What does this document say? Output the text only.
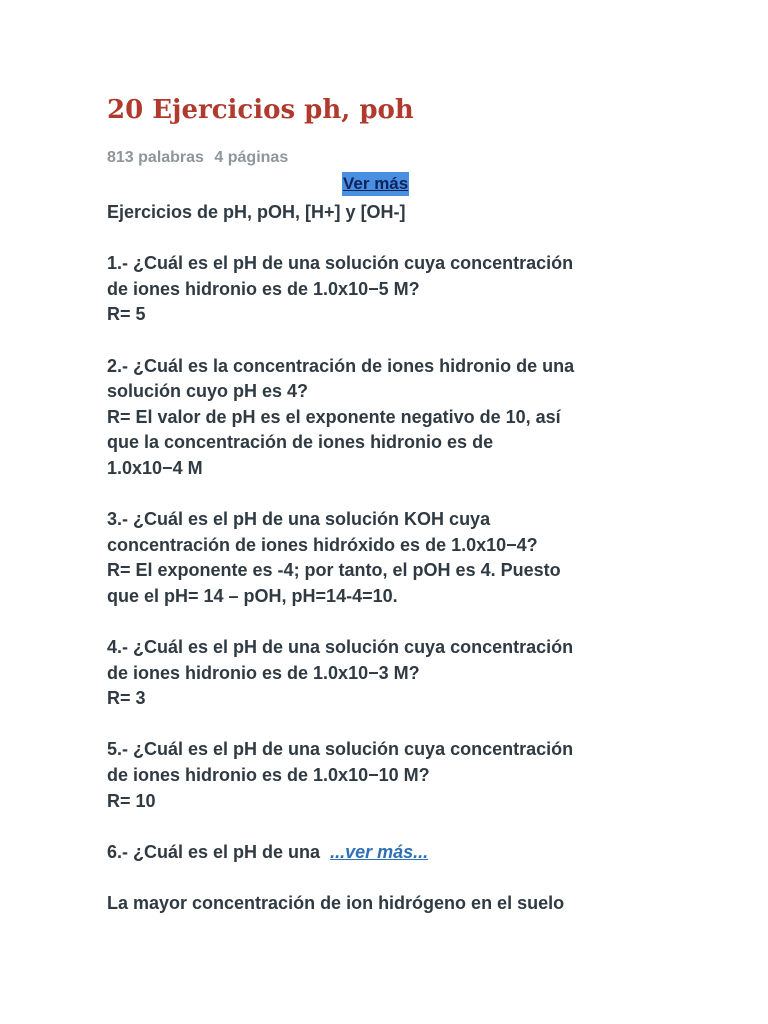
20 Ejercicios ph, poh
813 palabras 4 páginas
Ver más
Ejercicios de pH, pOH, [H+] y [OH-]
1.- ¿Cuál es el pH de una solución cuya concentración
de iones hidronio es de 1.0x10−5 M?
R= 5
2.- ¿Cuál es la concentración de iones hidronio de una
solución cuyo pH es 4?
R= El valor de pH es el exponente negativo de 10, así
que la concentración de iones hidronio es de
1.0x10−4 M
3.- ¿Cuál es el pH de una solución KOH cuya
concentración de iones hidróxido es de 1.0x10−4?
R= El exponente es -4; por tanto, el pOH es 4. Puesto
que el pH= 14 – pOH, pH=14-4=10.
4.- ¿Cuál es el pH de una solución cuya concentración
de iones hidronio es de 1.0x10−3 M?
R= 3
5.- ¿Cuál es el pH de una solución cuya concentración
de iones hidronio es de 1.0x10−10 M?
R= 10
6.- ¿Cuál es el pH de una ...ver más...
La mayor concentración de ion hidrógeno en el suelo
